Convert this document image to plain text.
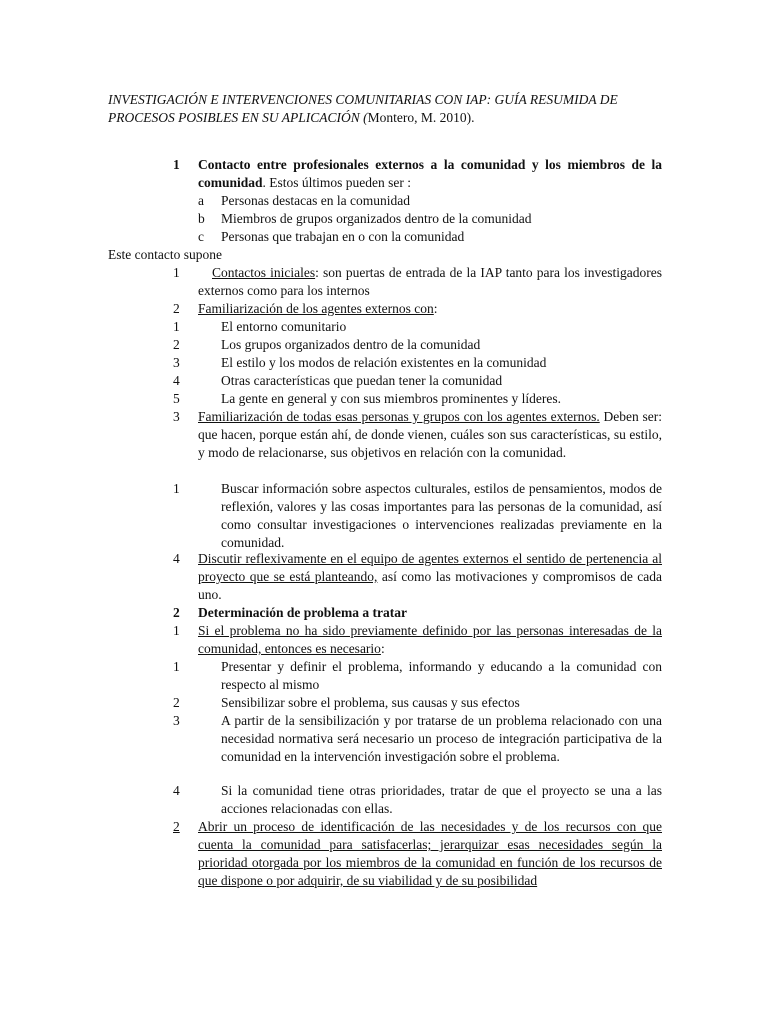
INVESTIGACIÓN E INTERVENCIONES COMUNITARIAS CON IAP: GUÍA RESUMIDA DE PROCESOS POSIBLES EN SU APLICACIÓN (Montero, M. 2010).
1 Contacto entre profesionales externos a la comunidad y los miembros de la comunidad. Estos últimos pueden ser :
a Personas destacas en la comunidad
b Miembros de grupos organizados dentro de la comunidad
c Personas que trabajan en o con la comunidad
Este contacto supone
1	Contactos iniciales: son puertas de entrada de la IAP tanto para los investigadores externos como para los internos
2 Familiarización de los agentes externos con:
1	El entorno comunitario
2	Los grupos organizados dentro de la comunidad
3	El estilo y los modos de relación existentes en la comunidad
4	Otras características que puedan tener la comunidad
5	La gente en general y con sus miembros prominentes y líderes.
3 Familiarización de todas esas personas y grupos con los agentes externos. Deben ser: que hacen, porque están ahí, de donde vienen, cuáles son sus características, su estilo, y modo de relacionarse, sus objetivos en relación con la comunidad.
1	Buscar información sobre aspectos culturales, estilos de pensamientos, modos de reflexión, valores y las cosas importantes para las personas de la comunidad, así como consultar investigaciones o intervenciones realizadas previamente en la comunidad.
4 Discutir reflexivamente en el equipo de agentes externos el sentido de pertenencia al proyecto que se está planteando, así como las motivaciones y compromisos de cada uno.
2 Determinación de problema a tratar
1 Si el problema no ha sido previamente definido por las personas interesadas de la comunidad, entonces es necesario:
1	Presentar y definir el problema, informando y educando a la comunidad con respecto al mismo
2	Sensibilizar sobre el problema, sus causas y sus efectos
3	A partir de la sensibilización y por tratarse de un problema relacionado con una necesidad normativa será necesario un proceso de integración participativa de la comunidad en la intervención investigación sobre el problema.
4	Si la comunidad tiene otras prioridades, tratar de que el proyecto se una a las acciones relacionadas con ellas.
2 Abrir un proceso de identificación de las necesidades y de los recursos con que cuenta la comunidad para satisfacerlas; jerarquizar esas necesidades según la prioridad otorgada por los miembros de la comunidad en función de los recursos de que dispone o por adquirir, de su viabilidad y de su posibilidad
